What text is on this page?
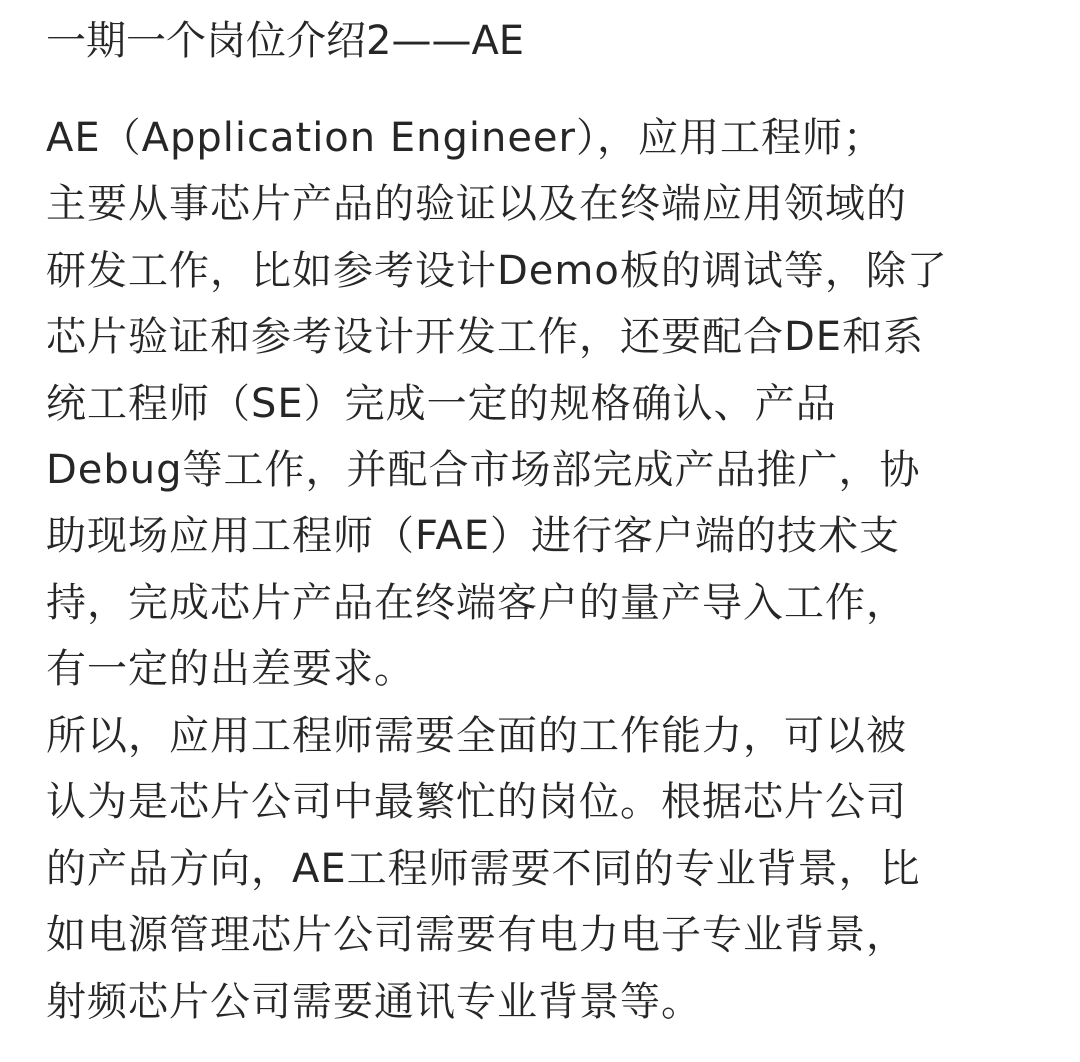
一期一个岗位介绍2——AE
AE（Application Engineer），应用工程师；
主要从事芯片产品的验证以及在终端应用领域的
研发工作，比如参考设计Demo板的调试等，除了
芯片验证和参考设计开发工作，还要配合DE和系
统工程师（SE）完成一定的规格确认、产品
Debug等工作，并配合市场部完成产品推广，协
助现场应用工程师（FAE）进行客户端的技术支
持，完成芯片产品在终端客户的量产导入工作，
有一定的出差要求。
所以，应用工程师需要全面的工作能力，可以被
认为是芯片公司中最繁忙的岗位。根据芯片公司
的产品方向，AE工程师需要不同的专业背景，比
如电源管理芯片公司需要有电力电子专业背景，
射频芯片公司需要通讯专业背景等。
